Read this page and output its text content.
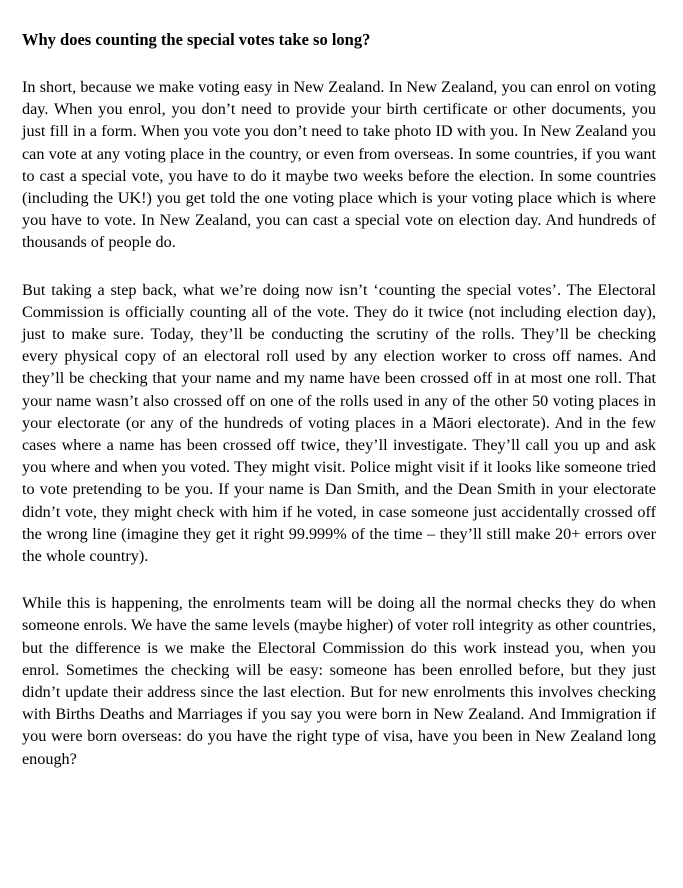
Why does counting the special votes take so long?

In short, because we make voting easy in New Zealand. In New Zealand, you can enrol on voting day. When you enrol, you don’t need to provide your birth certificate or other documents, you just fill in a form. When you vote you don’t need to take photo ID with you. In New Zealand you can vote at any voting place in the country, or even from overseas. In some countries, if you want to cast a special vote, you have to do it maybe two weeks before the election. In some countries (including the UK!) you get told the one voting place which is your voting place which is where you have to vote. In New Zealand, you can cast a special vote on election day. And hundreds of thousands of people do.

But taking a step back, what we’re doing now isn’t ‘counting the special votes’. The Electoral Commission is officially counting all of the vote. They do it twice (not including election day), just to make sure. Today, they’ll be conducting the scrutiny of the rolls. They’ll be checking every physical copy of an electoral roll used by any election worker to cross off names. And they’ll be checking that your name and my name have been crossed off in at most one roll. That your name wasn’t also crossed off on one of the rolls used in any of the other 50 voting places in your electorate (or any of the hundreds of voting places in a Māori electorate). And in the few cases where a name has been crossed off twice, they’ll investigate. They’ll call you up and ask you where and when you voted. They might visit. Police might visit if it looks like someone tried to vote pretending to be you. If your name is Dan Smith, and the Dean Smith in your electorate didn’t vote, they might check with him if he voted, in case someone just accidentally crossed off the wrong line (imagine they get it right 99.999% of the time – they’ll still make 20+ errors over the whole country).

While this is happening, the enrolments team will be doing all the normal checks they do when someone enrols. We have the same levels (maybe higher) of voter roll integrity as other countries, but the difference is we make the Electoral Commission do this work instead you, when you enrol. Sometimes the checking will be easy: someone has been enrolled before, but they just didn’t update their address since the last election. But for new enrolments this involves checking with Births Deaths and Marriages if you say you were born in New Zealand. And Immigration if you were born overseas: do you have the right type of visa, have you been in New Zealand long enough?
